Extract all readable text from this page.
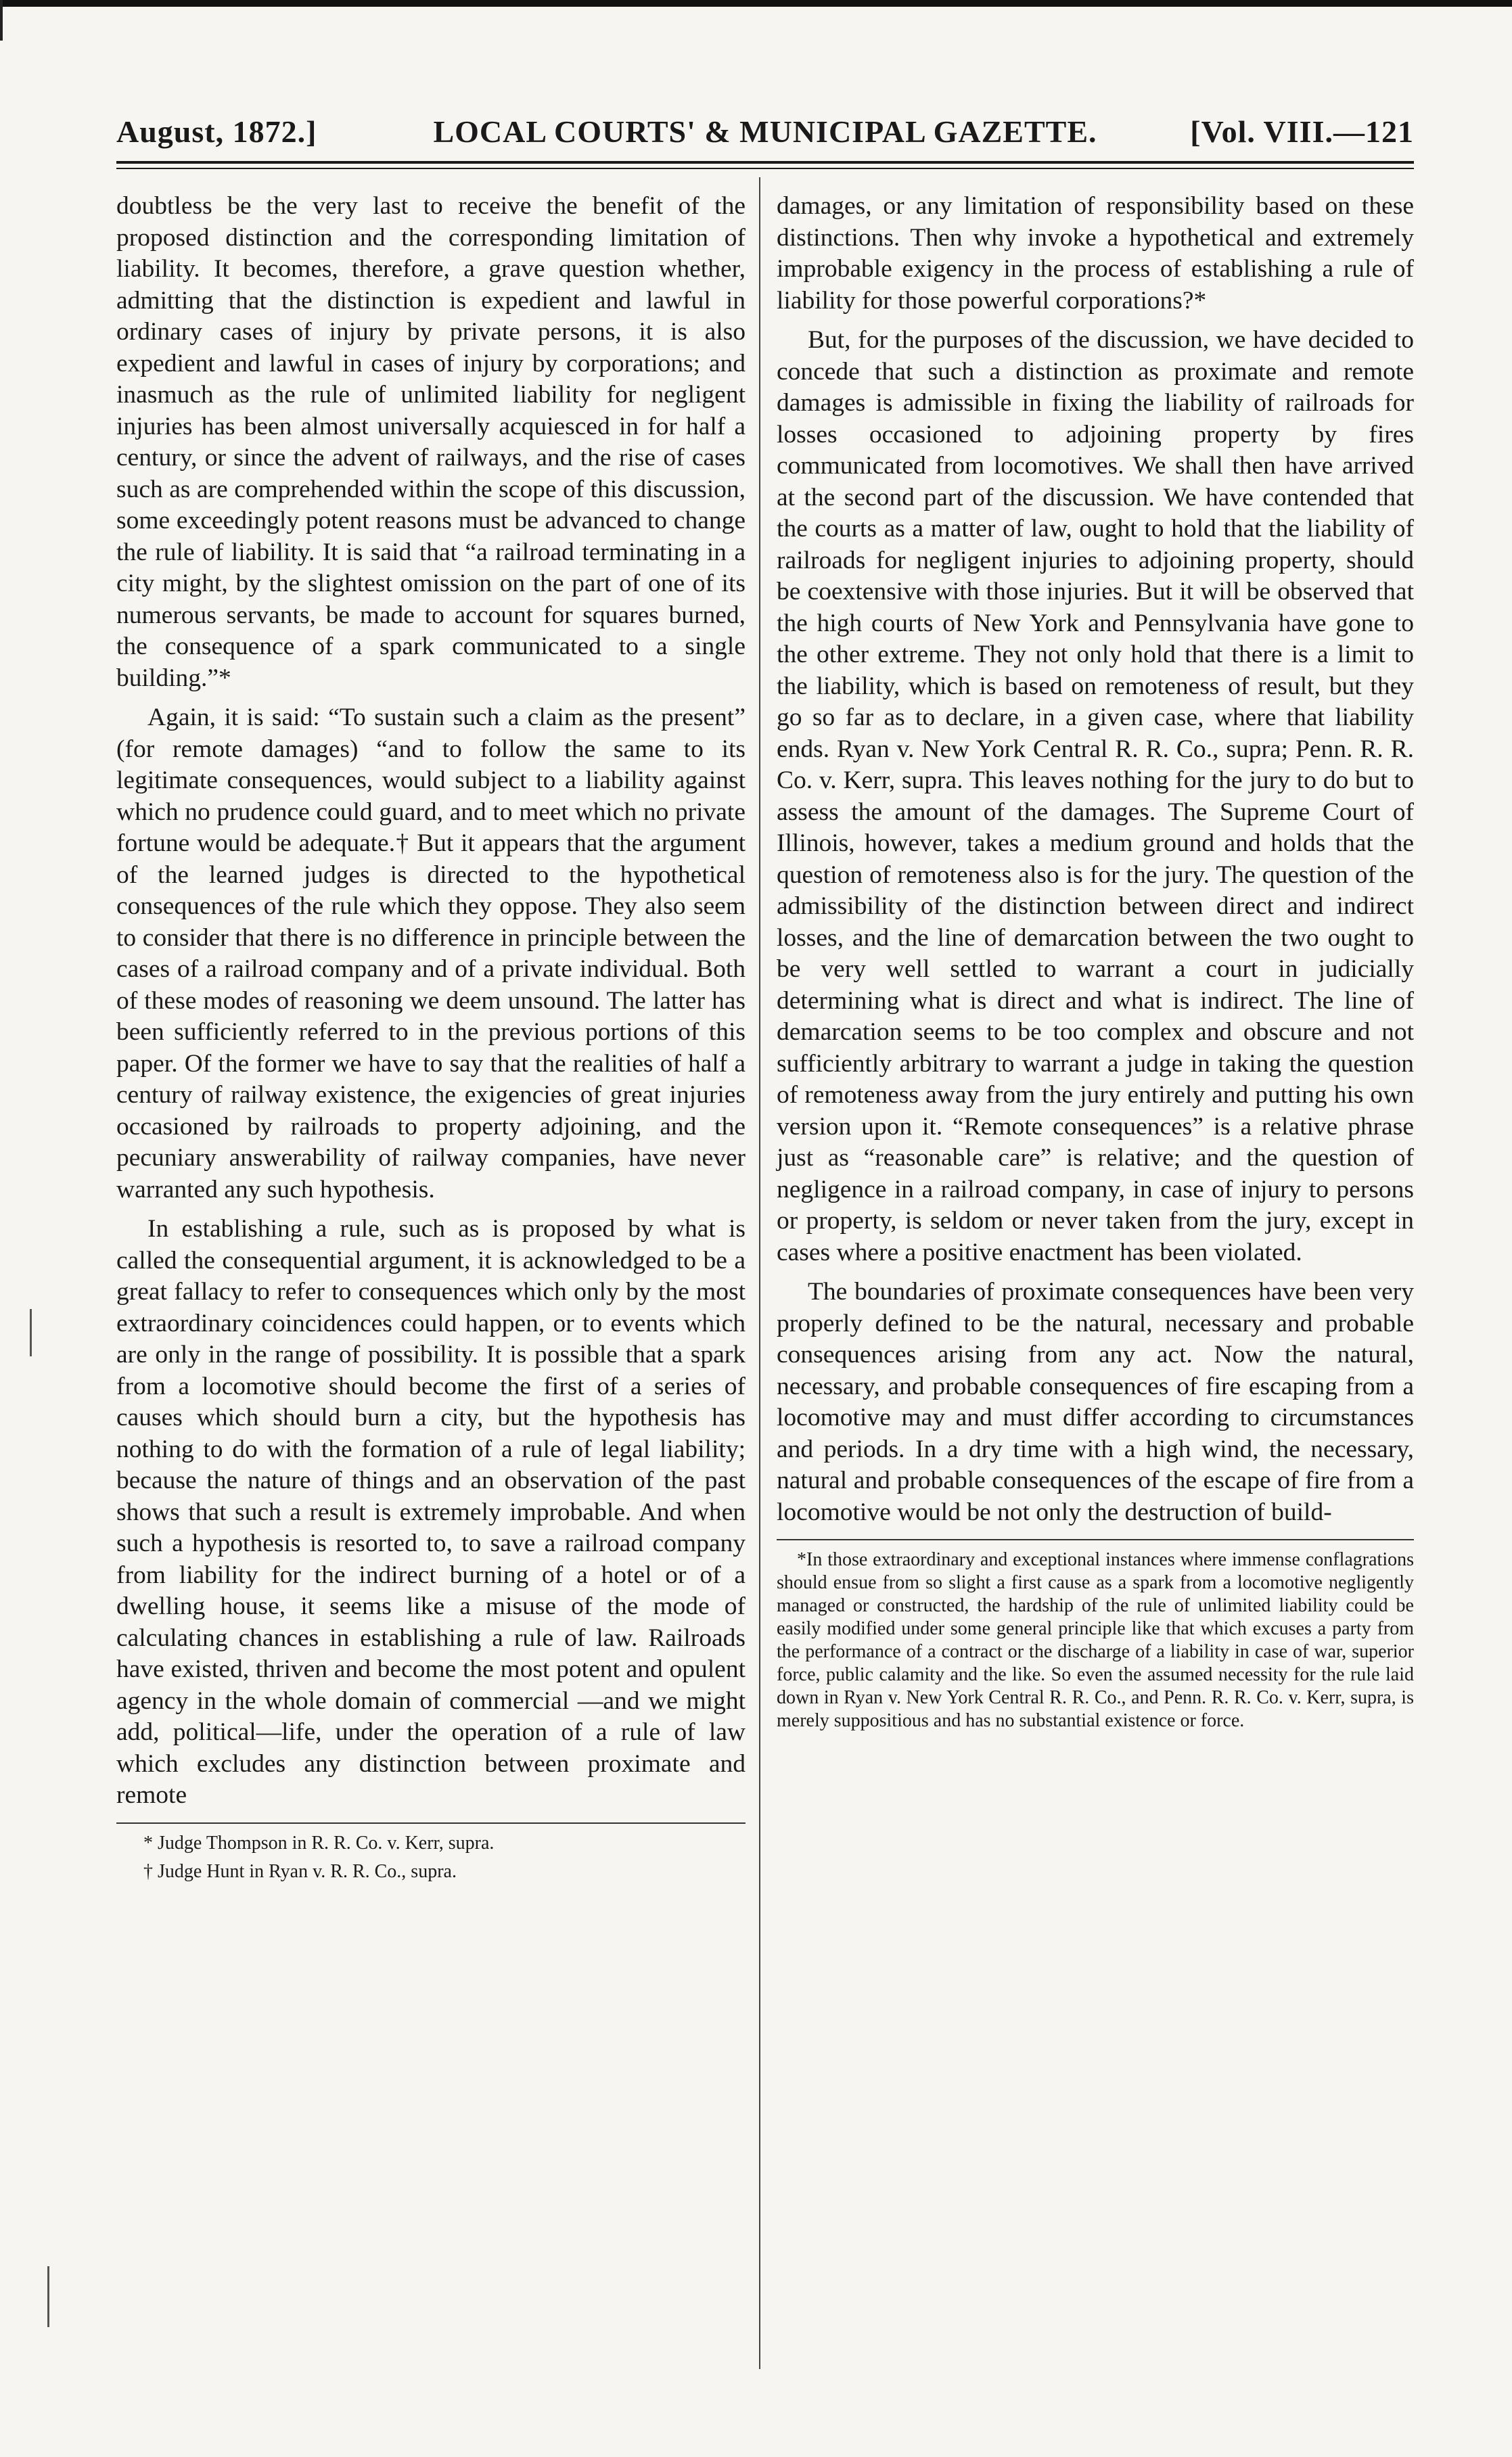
August, 1872.]	LOCAL COURTS' & MUNICIPAL GAZETTE.	[Vol. VIII.—121

doubtless be the very last to receive the benefit of the proposed distinction and the corresponding limitation of liability. It becomes, therefore, a grave question whether, admitting that the distinction is expedient and lawful in ordinary cases of injury by private persons, it is also expedient and lawful in cases of injury by corporations; and inasmuch as the rule of unlimited liability for negligent injuries has been almost universally acquiesced in for half a century, or since the advent of railways, and the rise of cases such as are comprehended within the scope of this discussion, some exceedingly potent reasons must be advanced to change the rule of liability. It is said that “a railroad terminating in a city might, by the slightest omission on the part of one of its numerous servants, be made to account for squares burned, the consequence of a spark communicated to a single building.”*

Again, it is said: “To sustain such a claim as the present” (for remote damages) “and to follow the same to its legitimate consequences, would subject to a liability against which no prudence could guard, and to meet which no private fortune would be adequate.† But it appears that the argument of the learned judges is directed to the hypothetical consequences of the rule which they oppose. They also seem to consider that there is no difference in principle between the cases of a railroad company and of a private individual. Both of these modes of reasoning we deem unsound. The latter has been sufficiently referred to in the previous portions of this paper. Of the former we have to say that the realities of half a century of railway existence, the exigencies of great injuries occasioned by railroads to property adjoining, and the pecuniary answerability of railway companies, have never warranted any such hypothesis.

In establishing a rule, such as is proposed by what is called the consequential argument, it is acknowledged to be a great fallacy to refer to consequences which only by the most extraordinary coincidences could happen, or to events which are only in the range of possibility. It is possible that a spark from a locomotive should become the first of a series of causes which should burn a city, but the hypothesis has nothing to do with the formation of a rule of legal liability; because the nature of things and an observation of the past shows that such a result is extremely improbable. And when such a hypothesis is resorted to, to save a railroad company from liability for the indirect burning of a hotel or of a dwelling house, it seems like a misuse of the mode of calculating chances in establishing a rule of law. Railroads have existed, thriven and become the most potent and opulent agency in the whole domain of commercial —and we might add, political—life, under the operation of a rule of law which excludes any distinction between proximate and remote

* Judge Thompson in R. R. Co. v. Kerr, supra.

† Judge Hunt in Ryan v. R. R. Co., supra.

damages, or any limitation of responsibility based on these distinctions. Then why invoke a hypothetical and extremely improbable exigency in the process of establishing a rule of liability for those powerful corporations?*

But, for the purposes of the discussion, we have decided to concede that such a distinction as proximate and remote damages is admissible in fixing the liability of railroads for losses occasioned to adjoining property by fires communicated from locomotives. We shall then have arrived at the second part of the discussion. We have contended that the courts as a matter of law, ought to hold that the liability of railroads for negligent injuries to adjoining property, should be coextensive with those injuries. But it will be observed that the high courts of New York and Pennsylvania have gone to the other extreme. They not only hold that there is a limit to the liability, which is based on remoteness of result, but they go so far as to declare, in a given case, where that liability ends. Ryan v. New York Central R. R. Co., supra; Penn. R. R. Co. v. Kerr, supra. This leaves nothing for the jury to do but to assess the amount of the damages. The Supreme Court of Illinois, however, takes a medium ground and holds that the question of remoteness also is for the jury. The question of the admissibility of the distinction between direct and indirect losses, and the line of demarcation between the two ought to be very well settled to warrant a court in judicially determining what is direct and what is indirect. The line of demarcation seems to be too complex and obscure and not sufficiently arbitrary to warrant a judge in taking the question of remoteness away from the jury entirely and putting his own version upon it. “Remote consequences” is a relative phrase just as “reasonable care” is relative; and the question of negligence in a railroad company, in case of injury to persons or property, is seldom or never taken from the jury, except in cases where a positive enactment has been violated.

The boundaries of proximate consequences have been very properly defined to be the natural, necessary and probable consequences arising from any act. Now the natural, necessary, and probable consequences of fire escaping from a locomotive may and must differ according to circumstances and periods. In a dry time with a high wind, the necessary, natural and probable consequences of the escape of fire from a locomotive would be not only the destruction of build-

*In those extraordinary and exceptional instances where immense conflagrations should ensue from so slight a first cause as a spark from a locomotive negligently managed or constructed, the hardship of the rule of unlimited liability could be easily modified under some general principle like that which excuses a party from the performance of a contract or the discharge of a liability in case of war, superior force, public calamity and the like. So even the assumed necessity for the rule laid down in Ryan v. New York Central R. R. Co., and Penn. R. R. Co. v. Kerr, supra, is merely suppositious and has no substantial existence or force.
